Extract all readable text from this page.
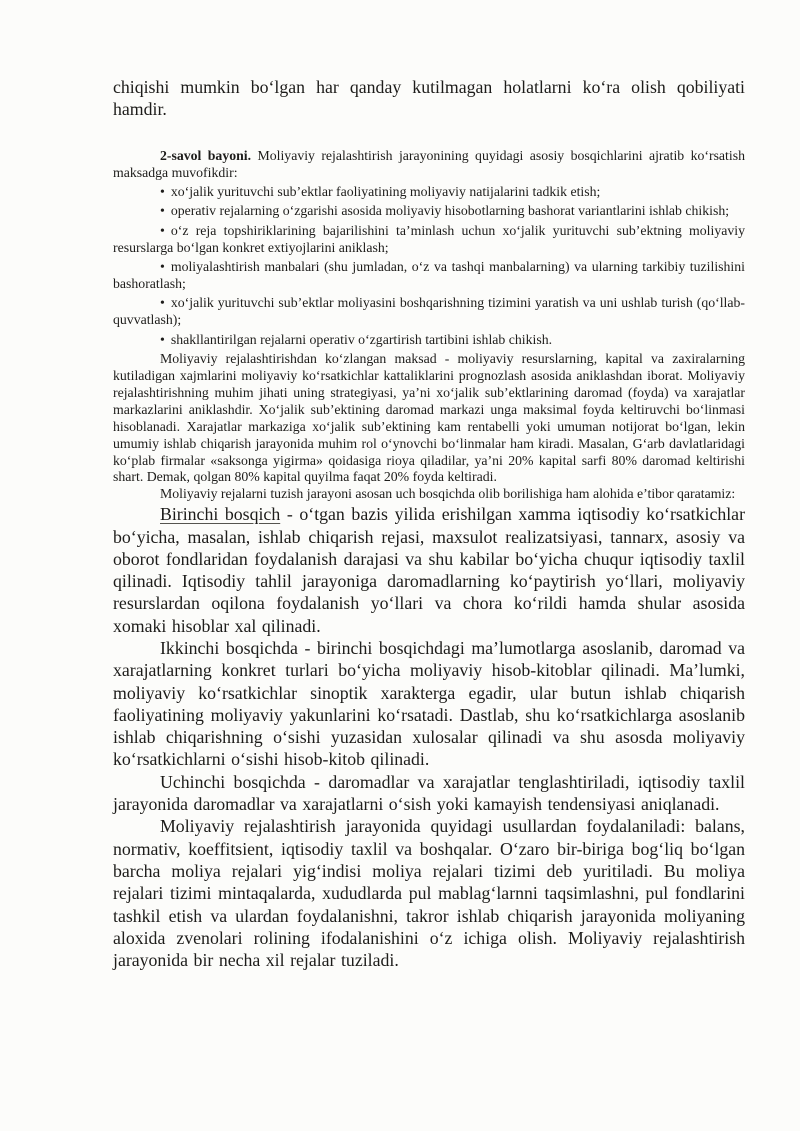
chiqishi mumkin bo‘lgan har qanday kutilmagan holatlarni ko‘ra olish qobiliyati hamdir.

2-savol bayoni. Moliyaviy rejalashtirish jarayonining quyidagi asosiy bosqichlarini ajratib ko‘rsatish maksadga muvofikdir:

• xo‘jalik yurituvchi sub’ektlar faoliyatining moliyaviy natijalarini tadkik etish;

• operativ rejalarning o‘zgarishi asosida moliyaviy hisobotlarning bashorat variantlarini ishlab chikish;

• o‘z reja topshiriklarining bajarilishini ta’minlash uchun xo‘jalik yurituvchi sub’ektning moliyaviy resurslarga bo‘lgan konkret extiyojlarini aniklash;

• moliyalashtirish manbalari (shu jumladan, o‘z va tashqi manbalarning) va ularning tarkibiy tuzilishini bashoratlash;

• xo‘jalik yurituvchi sub’ektlar moliyasini boshqarishning tizimini yaratish va uni ushlab turish (qo‘llab-quvvatlash);

• shakllantirilgan rejalarni operativ o‘zgartirish tartibini ishlab chikish.

Moliyaviy rejalashtirishdan ko‘zlangan maksad - moliyaviy resurslarning, kapital va zaxiralarning kutiladigan xajmlarini moliyaviy ko‘rsatkichlar kattaliklarini prognozlash asosida aniklashdan iborat. Moliyaviy rejalashtirishning muhim jihati uning strategiyasi, ya’ni xo‘jalik sub’ektlarining daromad (foyda) va xarajatlar markazlarini aniklashdir. Xo‘jalik sub’ektining daromad markazi unga maksimal foyda keltiruvchi bo‘linmasi hisoblanadi. Xarajatlar markaziga xo‘jalik sub’ektining kam rentabelli yoki umuman notijorat bo‘lgan, lekin umumiy ishlab chiqarish jarayonida muhim rol o‘ynovchi bo‘linmalar ham kiradi. Masalan, G‘arb davlatlaridagi ko‘plab firmalar «saksonga yigirma» qoidasiga rioya qiladilar, ya’ni 20% kapital sarfi 80% daromad keltirishi shart. Demak, qolgan 80% kapital quyilma faqat 20% foyda keltiradi.

Moliyaviy rejalarni tuzish jarayoni asosan uch bosqichda olib borilishiga ham alohida e’tibor qaratamiz:

Birinchi bosqich - o‘tgan bazis yilida erishilgan xamma iqtisodiy ko‘rsatkichlar bo‘yicha, masalan, ishlab chiqarish rejasi, maxsulot realizatsiyasi, tannarx, asosiy va oborot fondlaridan foydalanish darajasi va shu kabilar bo‘yicha chuqur iqtisodiy taxlil qilinadi. Iqtisodiy tahlil jarayoniga daromadlarning ko‘paytirish yo‘llari, moliyaviy resurslardan oqilona foydalanish yo‘llari va chora ko‘rildi hamda shular asosida xomaki hisoblar xal qilinadi.

Ikkinchi bosqichda - birinchi bosqichdagi ma’lumotlarga asoslanib, daromad va xarajatlarning konkret turlari bo‘yicha moliyaviy hisob-kitoblar qilinadi. Ma’lumki, moliyaviy ko‘rsatkichlar sinoptik xarakterga egadir, ular butun ishlab chiqarish faoliyatining moliyaviy yakunlarini ko‘rsatadi. Dastlab, shu ko‘rsatkichlarga asoslanib ishlab chiqarishning o‘sishi yuzasidan xulosalar qilinadi va shu asosda moliyaviy ko‘rsatkichlarni o‘sishi hisob-kitob qilinadi.

Uchinchi bosqichda - daromadlar va xarajatlar tenglashtiriladi, iqtisodiy taxlil jarayonida daromadlar va xarajatlarni o‘sish yoki kamayish tendensiyasi aniqlanadi.

Moliyaviy rejalashtirish jarayonida quyidagi usullardan foydalaniladi: balans, normativ, koeffitsient, iqtisodiy taxlil va boshqalar. O‘zaro bir-biriga bog‘liq bo‘lgan barcha moliya rejalari yig‘indisi moliya rejalari tizimi deb yuritiladi. Bu moliya rejalari tizimi mintaqalarda, xududlarda pul mablag‘larnni taqsimlashni, pul fondlarini tashkil etish va ulardan foydalanishni, takror ishlab chiqarish jarayonida moliyaning aloxida zvenolari rolining ifodalanishini o‘z ichiga olish. Moliyaviy rejalashtirish jarayonida bir necha xil rejalar tuziladi.
